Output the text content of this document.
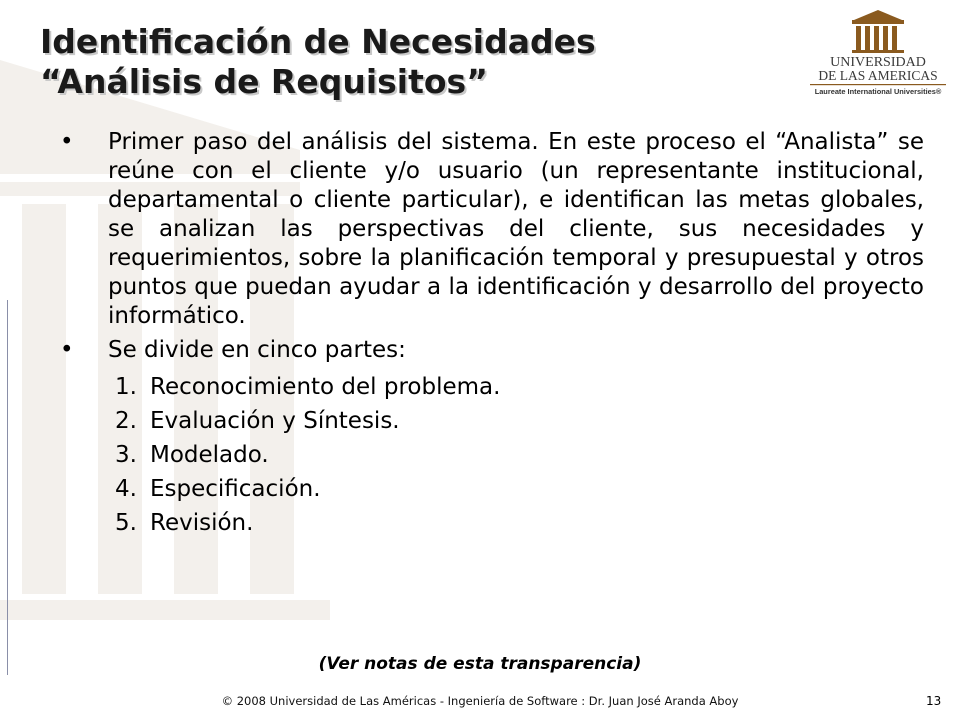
Identificación de Necesidades
“Análisis de Requisitos”	UNIVERSIDAD
DE LAS AMERICAS
Laureate International Universities®
•	Primer paso del análisis del sistema. En este proceso el “Analista” se reúne con el cliente y/o usuario (un representante institucional, departamental o cliente particular), e identifican las metas globales, se analizan las perspectivas del cliente, sus necesidades y requerimientos, sobre la planificación temporal y presupuestal y otros puntos que puedan ayudar a la identificación y desarrollo del proyecto informático.
•	Se divide en cinco partes:
1. Reconocimiento del problema.
2. Evaluación y Síntesis.
3. Modelado.
4. Especificación.
5. Revisión.
(Ver notas de esta transparencia)
© 2008 Universidad de Las Américas - Ingeniería de Software : Dr. Juan José Aranda Aboy	13
